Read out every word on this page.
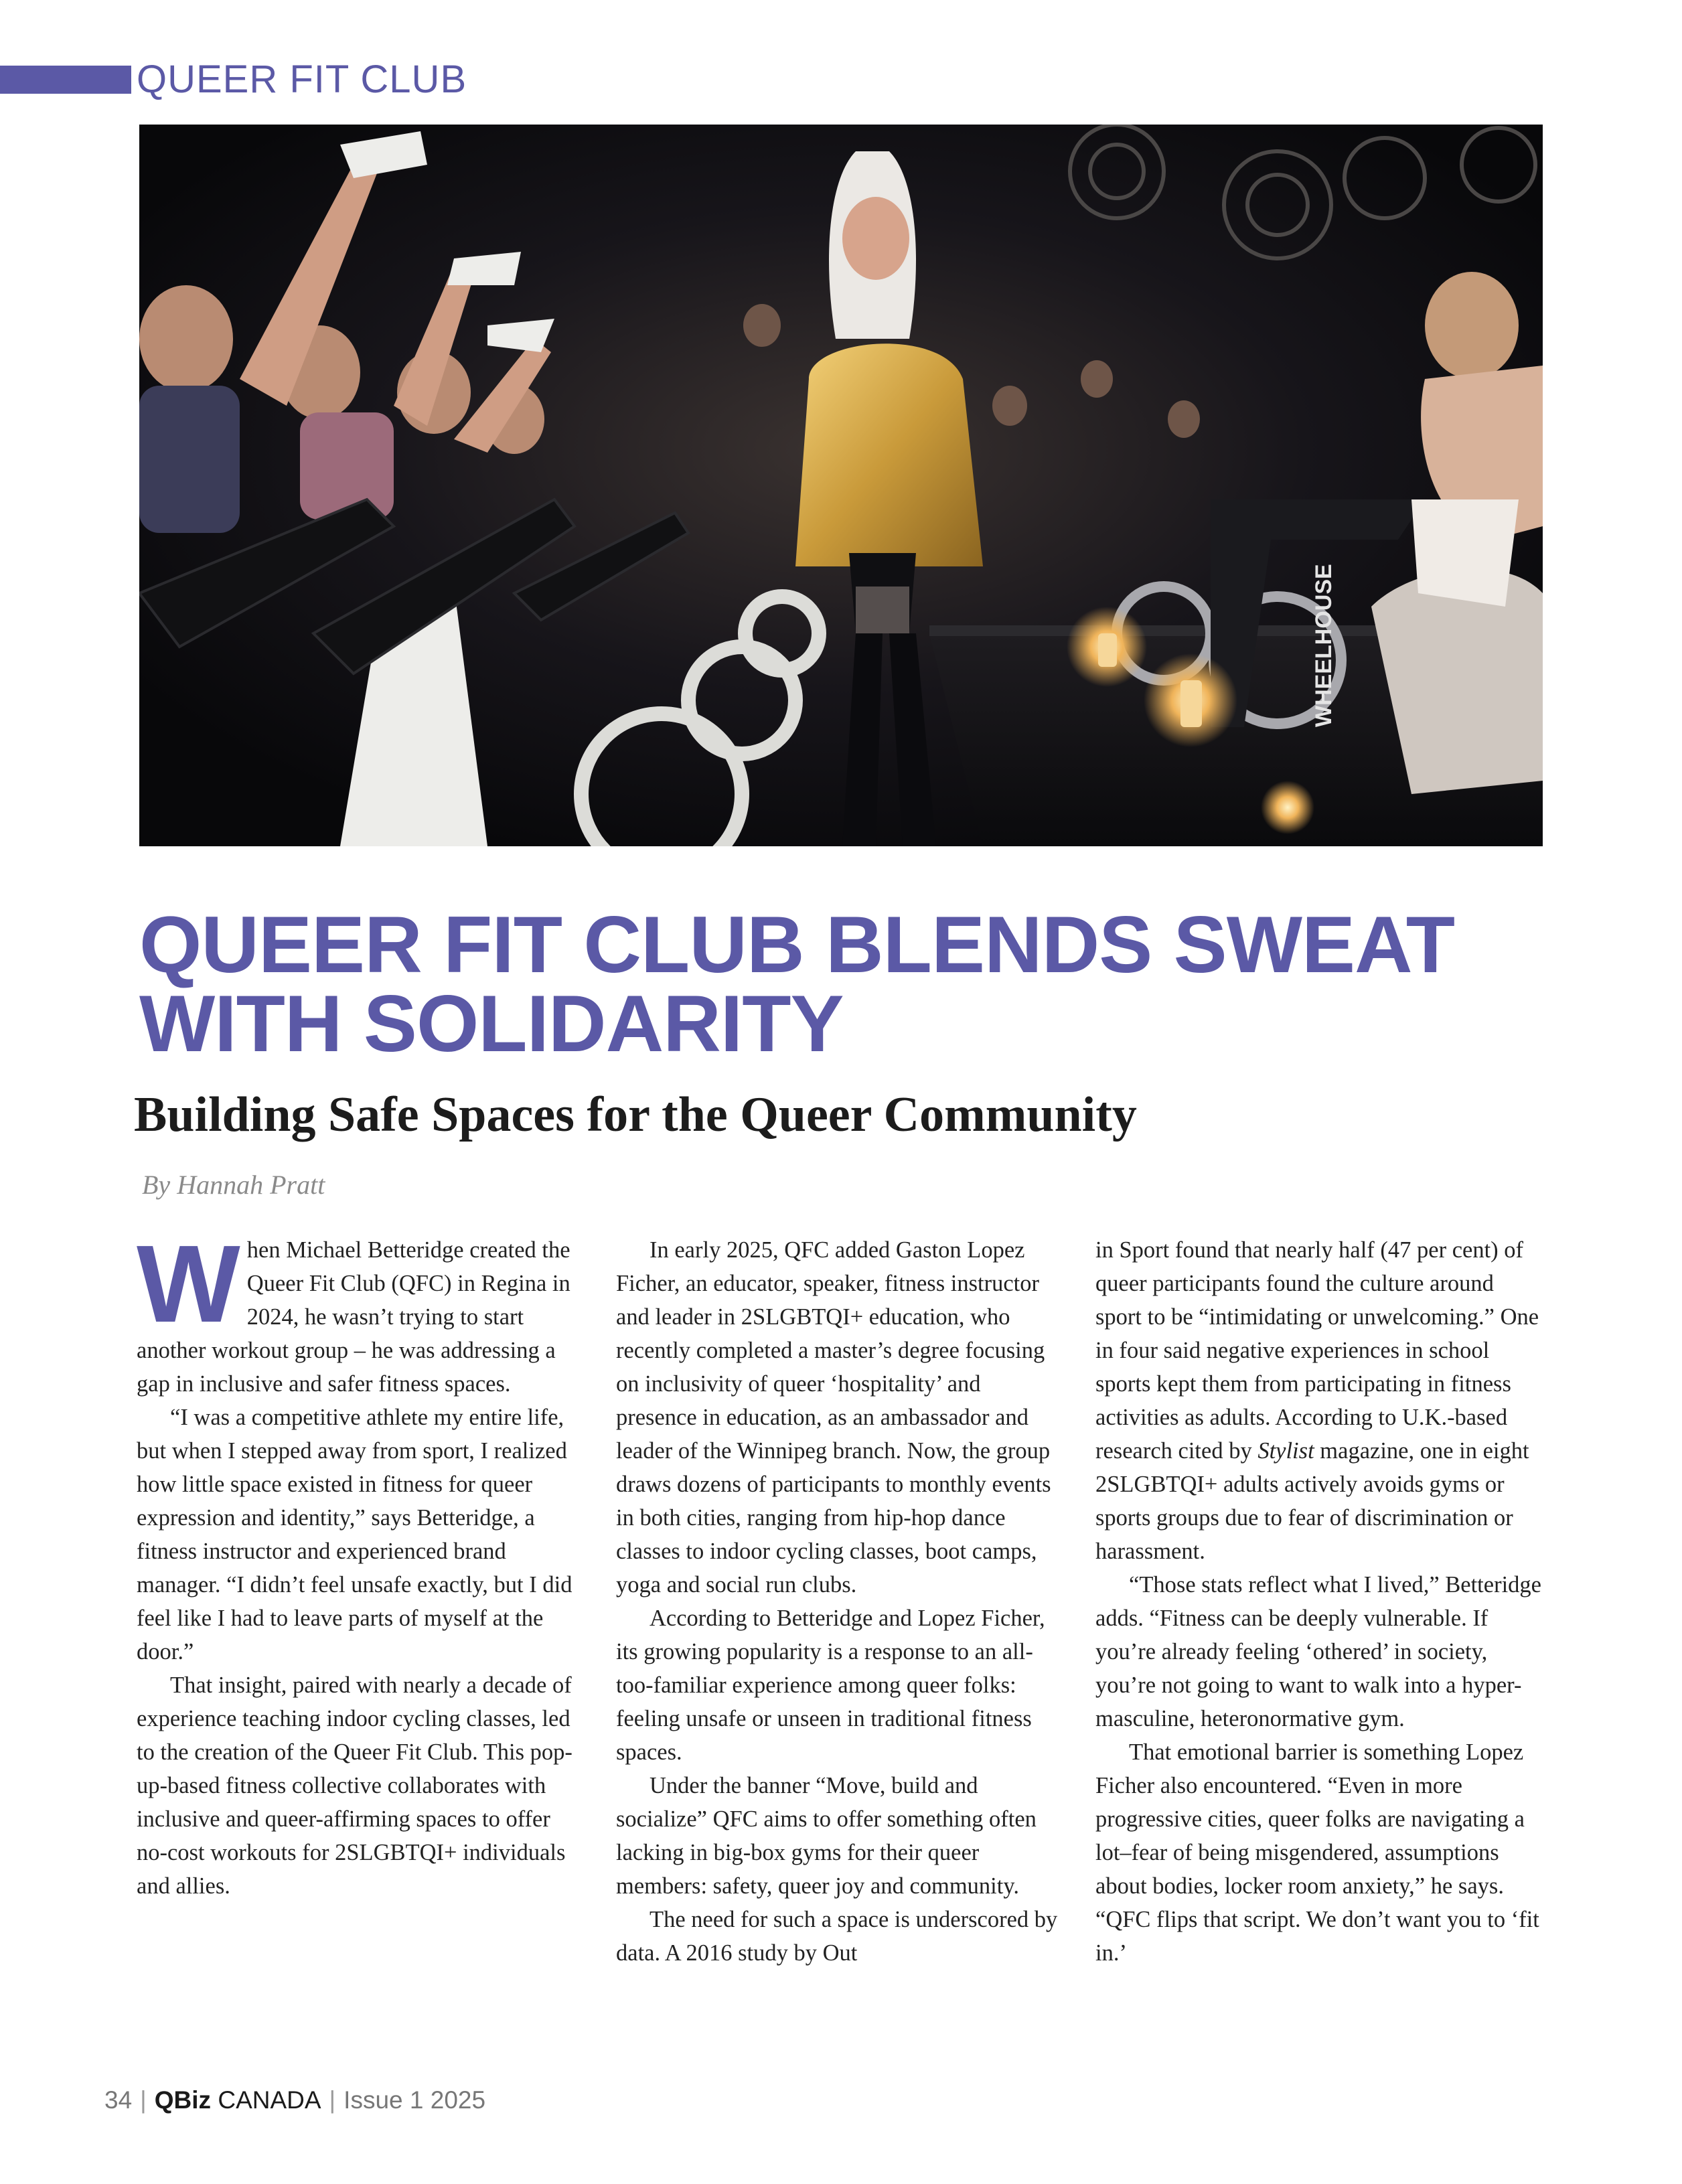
QUEER FIT CLUB

WHEELHOUSE
QUEER FIT CLUB BLENDS SWEAT
WITH SOLIDARITY
Building Safe Spaces for the Queer Community

By Hannah Pratt

When Michael Betteridge created the Queer Fit Club (QFC) in Regina in 2024, he wasn’t trying to start another workout group – he was addressing a gap in inclusive and safer fitness spaces.

“I was a competitive athlete my entire life, but when I stepped away from sport, I realized how little space existed in fitness for queer expression and identity,” says Betteridge, a fitness instructor and experienced brand manager. “I didn’t feel unsafe exactly, but I did feel like I had to leave parts of myself at the door.”

That insight, paired with nearly a decade of experience teaching indoor cycling classes, led to the creation of the Queer Fit Club. This pop-up-based fitness collective collaborates with inclusive and queer-affirming spaces to offer no-cost workouts for 2SLGBTQI+ individuals and allies.

In early 2025, QFC added Gaston Lopez Ficher, an educator, speaker, fitness instructor and leader in 2SLGBTQI+ education, who recently completed a master’s degree focusing on inclusivity of queer ‘hospitality’ and presence in education, as an ambassador and leader of the Winnipeg branch. Now, the group draws dozens of participants to monthly events in both cities, ranging from hip-hop dance classes to indoor cycling classes, boot camps, yoga and social run clubs.

According to Betteridge and Lopez Ficher, its growing popularity is a response to an all-too-familiar experience among queer folks: feeling unsafe or unseen in traditional fitness spaces.

Under the banner “Move, build and socialize” QFC aims to offer something often lacking in big-box gyms for their queer members: safety, queer joy and community.

The need for such a space is underscored by data. A 2016 study by Out

in Sport found that nearly half (47 per cent) of queer participants found the culture around sport to be “intimidating or unwelcoming.” One in four said negative experiences in school sports kept them from participating in fitness activities as adults. According to U.K.-based research cited by Stylist magazine, one in eight 2SLGBTQI+ adults actively avoids gyms or sports groups due to fear of discrimination or harassment.

“Those stats reflect what I lived,” Betteridge adds. “Fitness can be deeply vulnerable. If you’re already feeling ‘othered’ in society, you’re not going to want to walk into a hyper-masculine, heteronormative gym.

That emotional barrier is something Lopez Ficher also encountered. “Even in more progressive cities, queer folks are navigating a lot–fear of being misgendered, assumptions about bodies, locker room anxiety,” he says. “QFC flips that script. We don’t want you to ‘fit in.’

34 | QBiz CANADA | Issue 1 2025
